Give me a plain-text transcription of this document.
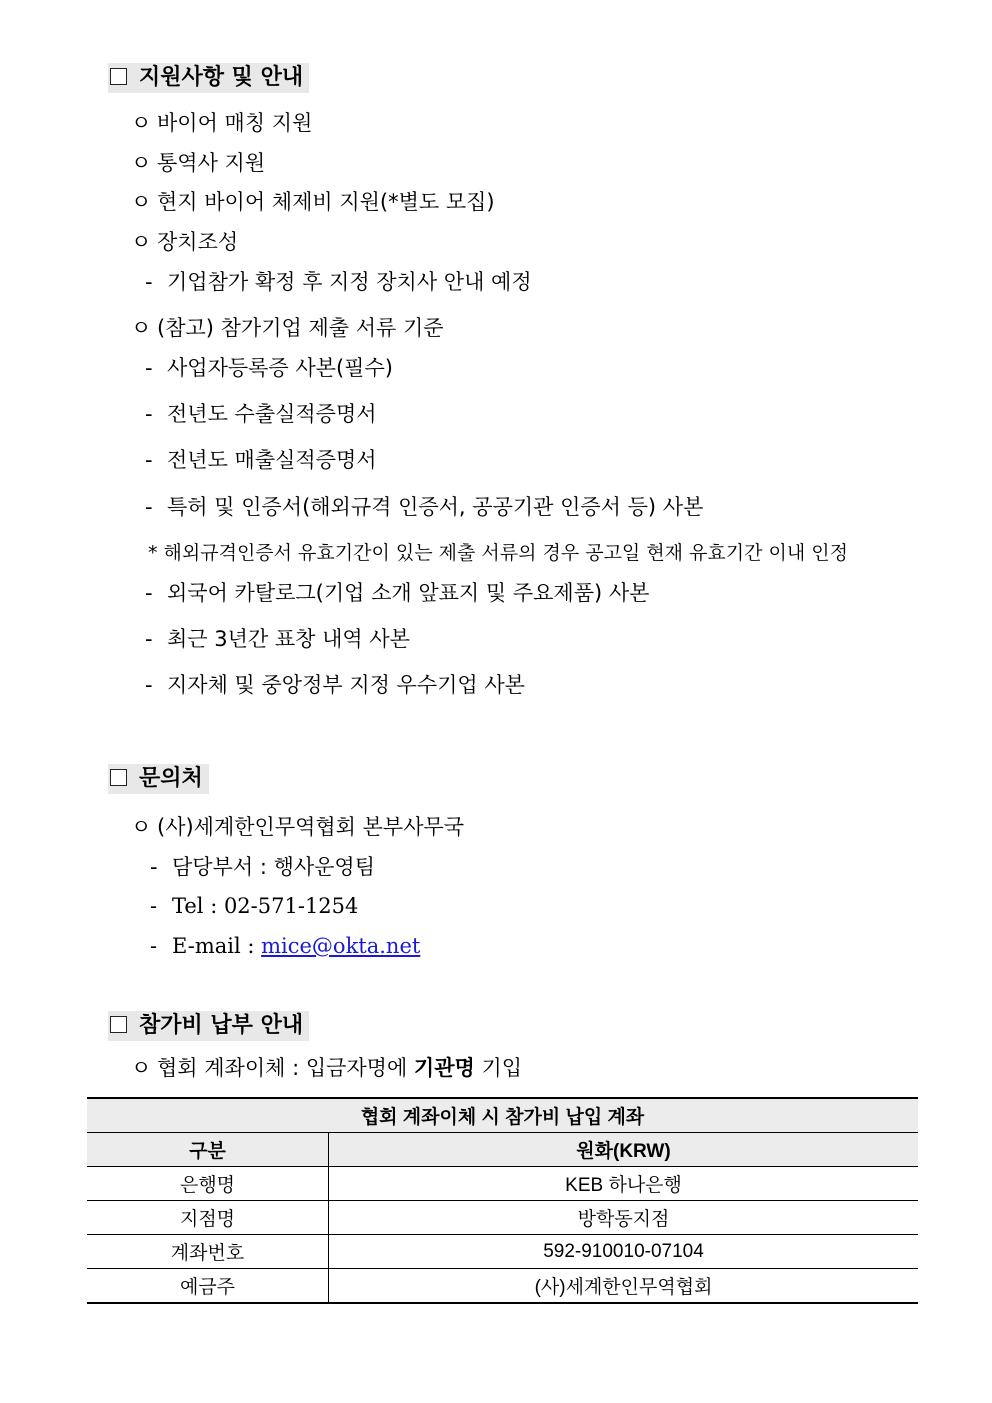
지원사항 및 안내
ㅇ 바이어 매칭 지원
ㅇ 통역사 지원
ㅇ 현지 바이어 체제비 지원(*별도 모집)
ㅇ 장치조성
- 기업참가 확정 후 지정 장치사 안내 예정
ㅇ (참고) 참가기업 제출 서류 기준
- 사업자등록증 사본(필수)
- 전년도 수출실적증명서
- 전년도 매출실적증명서
- 특허 및 인증서(해외규격 인증서, 공공기관 인증서 등) 사본
* 해외규격인증서 유효기간이 있는 제출 서류의 경우 공고일 현재 유효기간 이내 인정
- 외국어 카탈로그(기업 소개 앞표지 및 주요제품) 사본
- 최근 3년간 표창 내역 사본
- 지자체 및 중앙정부 지정 우수기업 사본
문의처
ㅇ (사)세계한인무역협회 본부사무국
- 담당부서 : 행사운영팀
- Tel : 02-571-1254
- E-mail : mice@okta.net
참가비 납부 안내
ㅇ 협회 계좌이체 : 입금자명에 기관명 기입
협회 계좌이체 시 참가비 납입 계좌	
구분	원화(KRW)
은행명	KEB 하나은행
지점명	방학동지점
계좌번호	592-910010-07104
예금주	(사)세계한인무역협회
